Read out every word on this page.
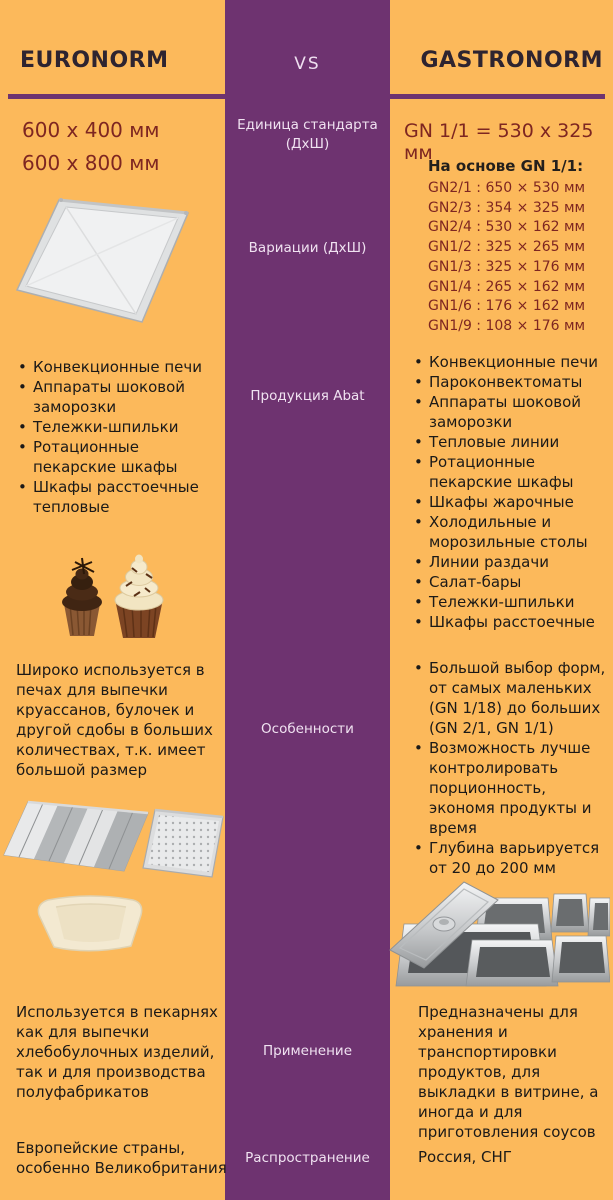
EURONORM	VS	GASTRONORM
Единица стандарта (ДхШ)
Вариации (ДхШ)
Продукция Abat
Особенности
Применение
Распространение
600 x 400 мм
600 x 800 мм
GN 1/1 = 530 x 325 мм
На основе GN 1/1:
GN2/1 : 650 × 530 мм
GN2/3 : 354 × 325 мм
GN2/4 : 530 × 162 мм
GN1/2 : 325 × 265 мм
GN1/3 : 325 × 176 мм
GN1/4 : 265 × 162 мм
GN1/6 : 176 × 162 мм
GN1/9 : 108 × 176 мм
• Конвекционные печи
• Аппараты шоковой заморозки
• Тележки-шпильки
• Ротационные пекарские шкафы
• Шкафы расстоечные тепловые
• Конвекционные печи
• Пароконвектоматы
• Аппараты шоковой заморозки
• Тепловые линии
• Ротационные пекарские шкафы
• Шкафы жарочные
• Холодильные и морозильные столы
• Линии раздачи
• Салат-бары
• Тележки-шпильки
• Шкафы расстоечные
Широко используется в печах для выпечки круассанов, булочек и другой сдобы в больших количествах, т.к. имеет большой размер
• Большой выбор форм, от самых маленьких (GN 1/18) до больших (GN 2/1, GN 1/1)
• Возможность лучше контролировать порционность, экономя продукты и время
• Глубина варьируется от 20 до 200 мм
Используется в пекарнях как для выпечки хлебобулочных изделий, так и для производства полуфабрикатов
Предназначены для хранения и транспортировки продуктов, для выкладки в витрине, а иногда и для приготовления соусов
Европейские страны, особенно Великобритания
Россия, СНГ
